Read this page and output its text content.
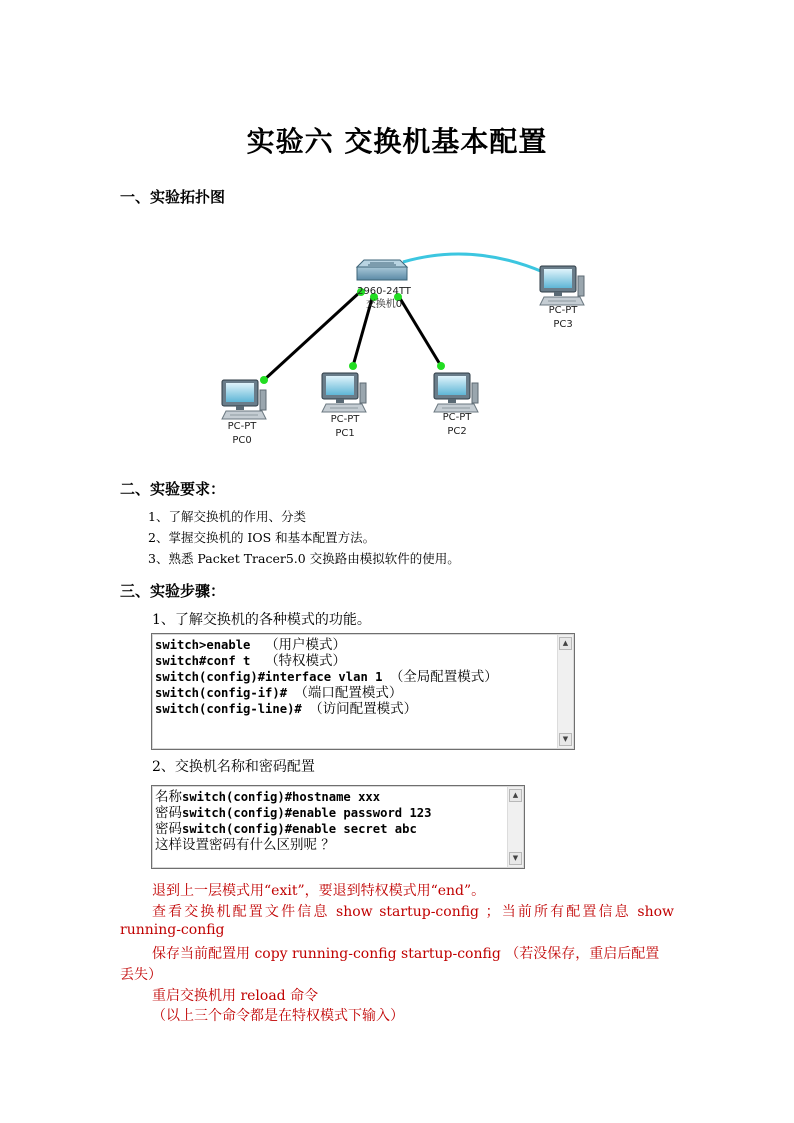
实验六 交换机基本配置
一、实验拓扑图
2960-24TT
交换机0
PC-PT
PC0
PC-PT
PC1
PC-PT
PC2
PC-PT
PC3
二、实验要求：
1、了解交换机的作用、分类
2、掌握交换机的 IOS 和基本配置方法。
3、熟悉 Packet Tracer5.0 交换路由模拟软件的使用。
三、实验步骤：
1、了解交换机的各种模式的功能。
switch>enable  （用户模式）
switch#conf t  （特权模式）
switch(config)#interface vlan 1 （全局配置模式）
switch(config-if)# （端口配置模式）
switch(config-line)# （访问配置模式）
▲
▼
2、交换机名称和密码配置
名称switch(config)#hostname xxx
密码switch(config)#enable password 123
密码switch(config)#enable secret abc
这样设置密码有什么区别呢 ？
▲
▼
退到上一层模式用“exit”，要退到特权模式用“end”。
查看交换机配置文件信息 show startup-config ；当前所有配置信息 show
running-config
保存当前配置用 copy running-config startup-config （若没保存，重启后配置
丢失）
重启交换机用 reload 命令
（以上三个命令都是在特权模式下输入）
